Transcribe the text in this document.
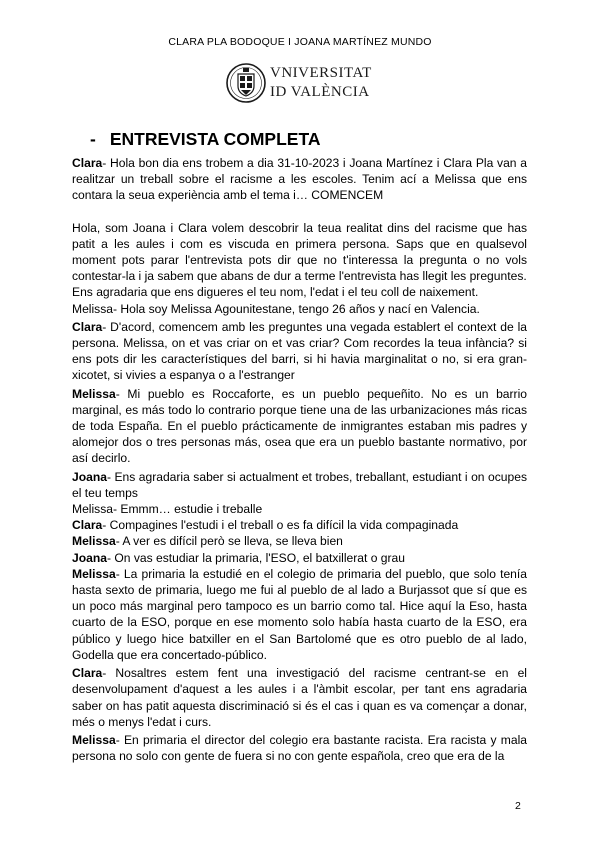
CLARA PLA BODOQUE I JOANA MARTÍNEZ MUNDO
VNIVERSITAT
ID VALÈNCIA
- ENTREVISTA COMPLETA

Clara- Hola bon dia ens trobem a dia 31-10-2023 i Joana Martínez i Clara Pla van a realitzar un treball sobre el racisme a les escoles. Tenim ací a Melissa que ens contara la seua experiència amb el tema i… COMENCEM

Hola, som Joana i Clara volem descobrir la teua realitat dins del racisme que has patit a les aules i com es viscuda en primera persona. Saps que en qualsevol moment pots parar l'entrevista pots dir que no t'interessa la pregunta o no vols contestar-la i ja sabem que abans de dur a terme l'entrevista has llegit les preguntes.

Ens agradaria que ens digueres el teu nom, l'edat i el teu coll de naixement.

Melissa- Hola soy Melissa Agounitestane, tengo 26 años y nací en Valencia.

Clara- D'acord, comencem amb les preguntes una vegada establert el context de la persona. Melissa, on et vas criar on et vas criar? Com recordes la teua infància? si ens pots dir les característiques del barri, si hi havia marginalitat o no, si era gran-xicotet, si vivies a espanya o a l'estranger

Melissa- Mi pueblo es Roccaforte, es un pueblo pequeñito. No es un barrio marginal, es más todo lo contrario porque tiene una de las urbanizaciones más ricas de toda España. En el pueblo prácticamente de inmigrantes estaban mis padres y alomejor dos o tres personas más, osea que era un pueblo bastante normativo, por así decirlo.

Joana- Ens agradaria saber si actualment et trobes, treballant, estudiant i on ocupes el teu temps

Melissa- Emmm… estudie i treballe

Clara- Compagines l'estudi i el treball o es fa difícil la vida compaginada

Melissa- A ver es difícil però se lleva, se lleva bien

Joana- On vas estudiar la primaria, l'ESO, el batxillerat o grau

Melissa- La primaria la estudié en el colegio de primaria del pueblo, que solo tenía hasta sexto de primaria, luego me fui al pueblo de al lado a Burjassot que sí que es un poco más marginal pero tampoco es un barrio como tal. Hice aquí la Eso, hasta cuarto de la ESO, porque en ese momento solo había hasta cuarto de la ESO, era público y luego hice batxiller en el San Bartolomé que es otro pueblo de al lado, Godella que era concertado-público.

Clara- Nosaltres estem fent una investigació del racisme centrant-se en el desenvolupament d'aquest a les aules i a l'àmbit escolar, per tant ens agradaria saber on has patit aquesta discriminació si és el cas i quan es va començar a donar, més o menys l'edat i curs.

Melissa- En primaria el director del colegio era bastante racista. Era racista y mala persona no solo con gente de fuera si no con gente española, creo que era de la

2
